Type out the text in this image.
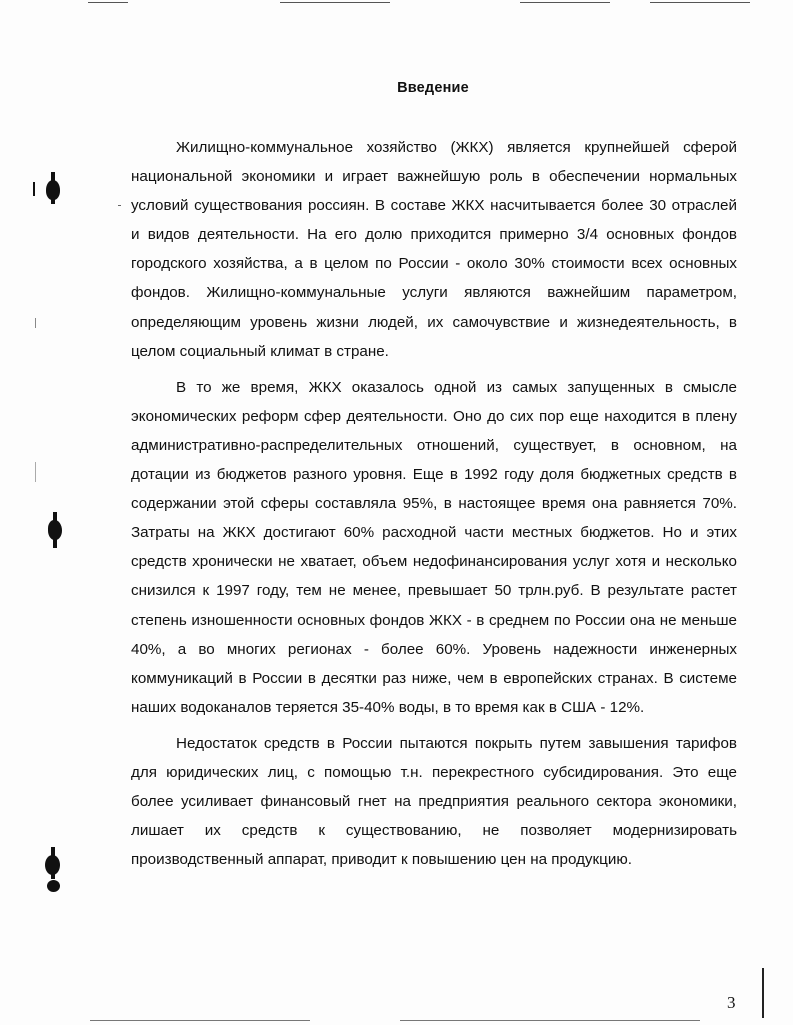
Введение

Жилищно-коммунальное хозяйство (ЖКХ) является крупнейшей сферой национальной экономики и играет важнейшую роль в обеспечении нормальных условий существования россиян. В составе ЖКХ насчитывается более 30 отраслей и видов деятельности. На его долю приходится примерно 3/4 основных фондов городского хозяйства, а в целом по России - около 30% стоимости всех основных фондов. Жилищно-коммунальные услуги являются важнейшим параметром, определяющим уровень жизни людей, их самочувствие и жизнедеятельность, в целом социальный климат в стране.

В то же время, ЖКХ оказалось одной из самых запущенных в смысле экономических реформ сфер деятельности. Оно до сих пор еще находится в плену административно-распределительных отношений, существует, в основном, на дотации из бюджетов разного уровня. Еще в 1992 году доля бюджетных средств в содержании этой сферы составляла 95%, в настоящее время она равняется 70%. Затраты на ЖКХ достигают 60% расходной части местных бюджетов. Но и этих средств хронически не хватает, объем недофинансирования услуг хотя и несколько снизился к 1997 году, тем не менее, превышает 50 трлн.руб. В результате растет степень изношенности основных фондов ЖКХ - в среднем по России она не меньше 40%, а во многих регионах - более 60%. Уровень надежности инженерных коммуникаций в России в десятки раз ниже, чем в европейских странах. В системе наших водоканалов теряется 35-40% воды, в то время как в США - 12%.

Недостаток средств в России пытаются покрыть путем завышения тарифов для юридических лиц, с помощью т.н. перекрестного субсидирования. Это еще более усиливает финансовый гнет на предприятия реального сектора экономики, лишает их средств к существованию, не позволяет модернизировать производственный аппарат, приводит к повышению цен на продукцию.

3
